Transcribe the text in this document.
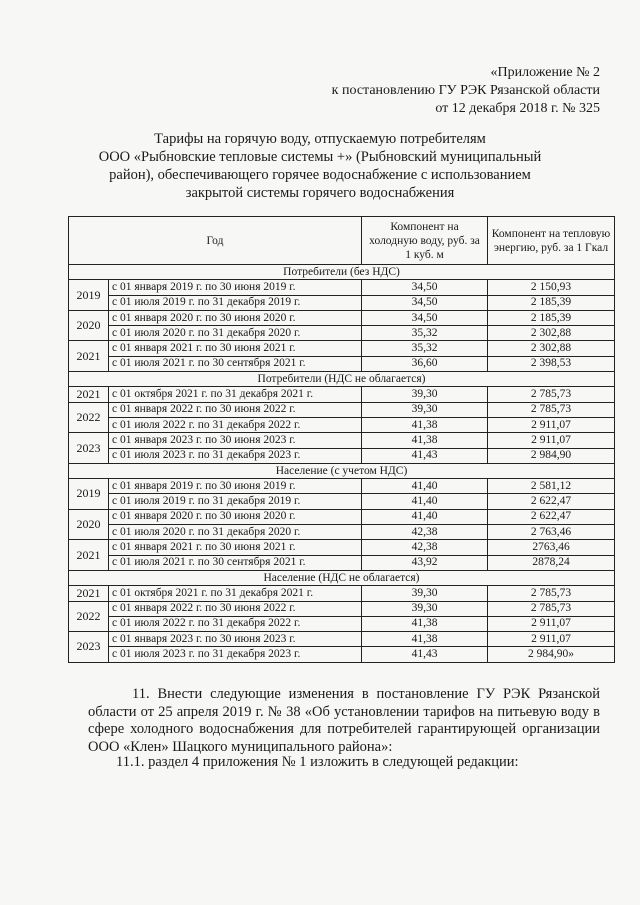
«Приложение № 2
к постановлению ГУ РЭК Рязанской области
от 12 декабря 2018 г. № 325
Тарифы на горячую воду, отпускаемую потребителям
ООО «Рыбновские тепловые системы +» (Рыбновский муниципальный
район), обеспечивающего горячее водоснабжение с использованием
закрытой системы горячего водоснабжения
Год		Компонент на холодную воду, руб. за 1 куб. м	Компонент на тепловую энергию, руб. за 1 Гкал
Потребители (без НДС)			
2019	с 01 января 2019 г. по 30 июня 2019 г.	34,50	2 150,93
	с 01 июля 2019 г. по 31 декабря 2019 г.	34,50	2 185,39
2020	с 01 января 2020 г. по 30 июня 2020 г.	34,50	2 185,39
	с 01 июля 2020 г. по 31 декабря 2020 г.	35,32	2 302,88
2021	с 01 января 2021 г. по 30 июня 2021 г.	35,32	2 302,88
	с 01 июля 2021 г. по 30 сентября 2021 г.	36,60	2 398,53
Потребители (НДС не облагается)			
2021	с 01 октября 2021 г. по 31 декабря 2021 г.	39,30	2 785,73
2022	с 01 января 2022 г. по 30 июня 2022 г.	39,30	2 785,73
	с 01 июля 2022 г. по 31 декабря 2022 г.	41,38	2 911,07
2023	с 01 января 2023 г. по 30 июня 2023 г.	41,38	2 911,07
	с 01 июля 2023 г. по 31 декабря 2023 г.	41,43	2 984,90
Население (с учетом НДС)			
2019	с 01 января 2019 г. по 30 июня 2019 г.	41,40	2 581,12
	с 01 июля 2019 г. по 31 декабря 2019 г.	41,40	2 622,47
2020	с 01 января 2020 г. по 30 июня 2020 г.	41,40	2 622,47
	с 01 июля 2020 г. по 31 декабря 2020 г.	42,38	2 763,46
2021	с 01 января 2021 г. по 30 июня 2021 г.	42,38	2763,46
	с 01 июля 2021 г. по 30 сентября 2021 г.	43,92	2878,24
Население (НДС не облагается)			
2021	с 01 октября 2021 г. по 31 декабря 2021 г.	39,30	2 785,73
2022	с 01 января 2022 г. по 30 июня 2022 г.	39,30	2 785,73
	с 01 июля 2022 г. по 31 декабря 2022 г.	41,38	2 911,07
2023	с 01 января 2023 г. по 30 июня 2023 г.	41,38	2 911,07
	с 01 июля 2023 г. по 31 декабря 2023 г.	41,43	2 984,90»
11. Внести следующие изменения в постановление ГУ РЭК Рязанской области от 25 апреля 2019 г. № 38 «Об установлении тарифов на питьевую воду в сфере холодного водоснабжения для потребителей гарантирующей организации ООО «Клен» Шацкого муниципального района»:
11.1. раздел 4 приложения № 1 изложить в следующей редакции:
